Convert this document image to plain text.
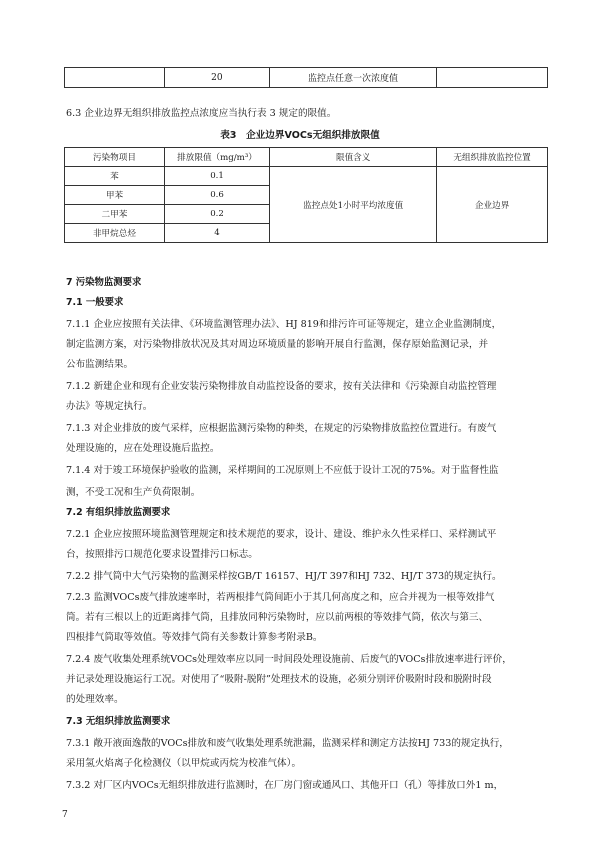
	20	监控点任意一次浓度值	
6.3 企业边界无组织排放监控点浓度应当执行表 3 规定的限值。
表3　企业边界VOCs无组织排放限值
污染物项目	排放限值（mg/m³）	限值含义	无组织排放监控位置
苯	0.1	监控点处1小时平均浓度值	企业边界
甲苯	0.6		
二甲苯	0.2		
非甲烷总烃	4		
7 污染物监测要求
7.1 一般要求
7.1.1 企业应按照有关法律、《环境监测管理办法》、HJ 819和排污许可证等规定，建立企业监测制度，
制定监测方案，对污染物排放状况及其对周边环境质量的影响开展自行监测，保存原始监测记录，并
公布监测结果。
7.1.2 新建企业和现有企业安装污染物排放自动监控设备的要求，按有关法律和《污染源自动监控管理
办法》等规定执行。
7.1.3 对企业排放的废气采样，应根据监测污染物的种类，在规定的污染物排放监控位置进行。有废气
处理设施的，应在处理设施后监控。
7.1.4 对于竣工环境保护验收的监测，采样期间的工况原则上不应低于设计工况的75%。对于监督性监
测，不受工况和生产负荷限制。
7.2 有组织排放监测要求
7.2.1 企业应按照环境监测管理规定和技术规范的要求，设计、建设、维护永久性采样口、采样测试平
台，按照排污口规范化要求设置排污口标志。
7.2.2 排气筒中大气污染物的监测采样按GB/T 16157、HJ/T 397和HJ 732、HJ/T 373的规定执行。
7.2.3 监测VOCs废气排放速率时，若两根排气筒间距小于其几何高度之和，应合并视为一根等效排气
筒。若有三根以上的近距离排气筒，且排放同种污染物时，应以前两根的等效排气筒，依次与第三、
四根排气筒取等效值。等效排气筒有关参数计算参考附录B。
7.2.4 废气收集处理系统VOCs处理效率应以同一时间段处理设施前、后废气的VOCs排放速率进行评价，
并记录处理设施运行工况。对使用了“吸附-脱附”处理技术的设施，必须分别评价吸附时段和脱附时段
的处理效率。
7.3 无组织排放监测要求
7.3.1 敞开液面逸散的VOCs排放和废气收集处理系统泄漏，监测采样和测定方法按HJ 733的规定执行，
采用氢火焰离子化检测仪（以甲烷或丙烷为校准气体）。
7.3.2 对厂区内VOCs无组织排放进行监测时，在厂房门窗或通风口、其他开口（孔）等排放口外1 m，
7
